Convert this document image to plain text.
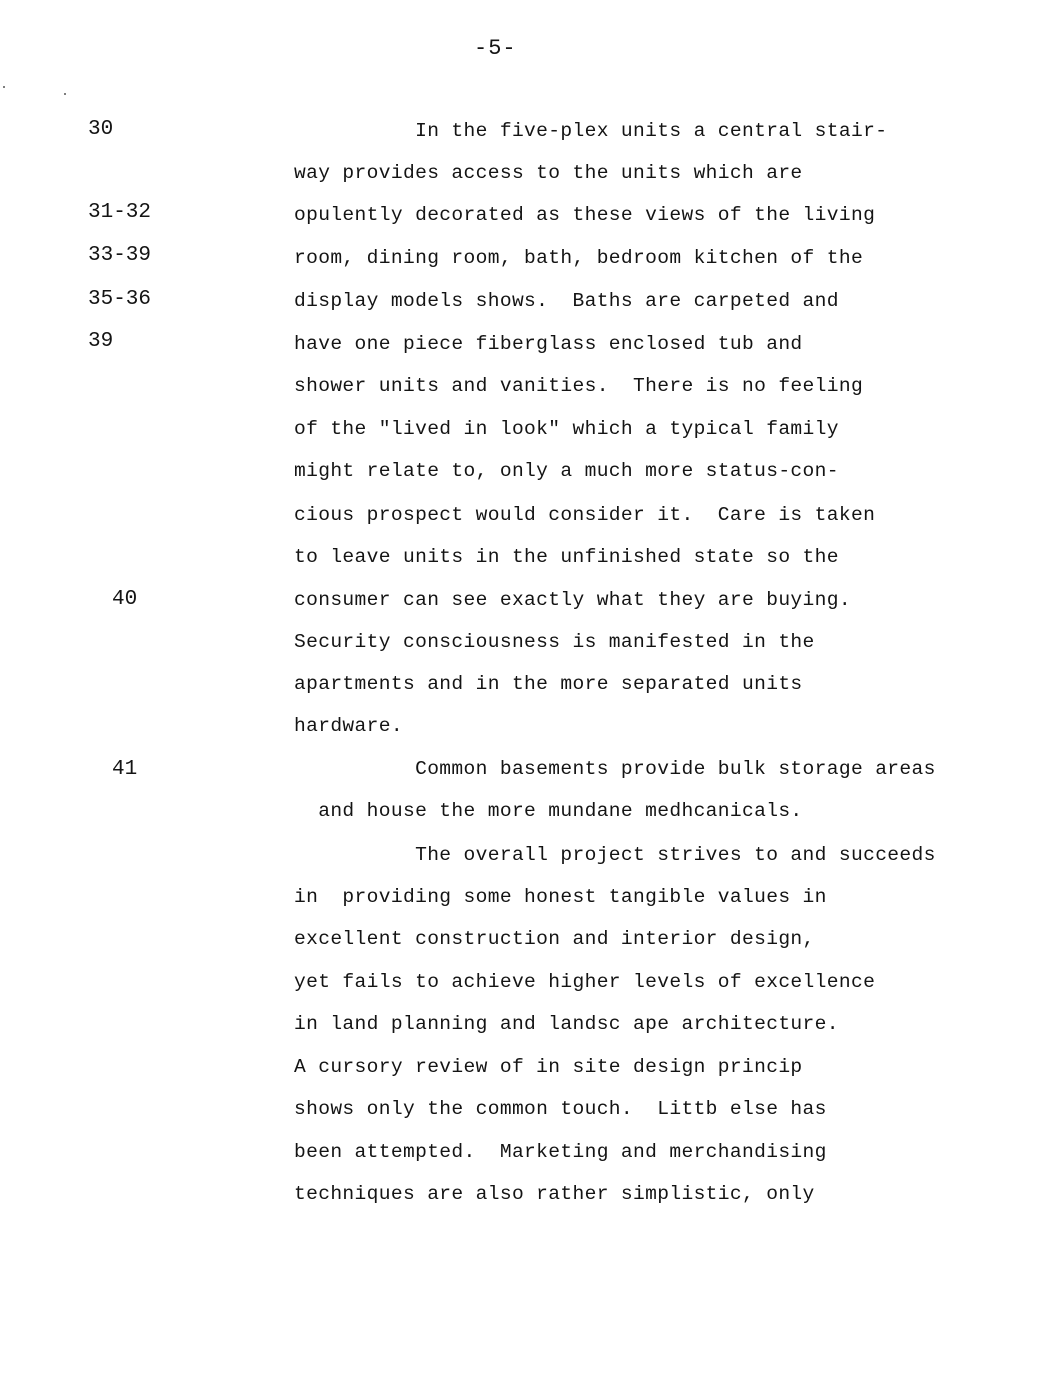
-5-
30
31-32
33-39
35-36
39
40
41
In the five-plex units a central stair-
way provides access to the units which are
opulently decorated as these views of the living
room, dining room, bath, bedroom kitchen of the
display models shows.  Baths are carpeted and
have one piece fiberglass enclosed tub and
shower units and vanities.  There is no feeling
of the "lived in look" which a typical family
might relate to, only a much more status-con-
cious prospect would consider it.  Care is taken
to leave units in the unfinished state so the
consumer can see exactly what they are buying.
Security consciousness is manifested in the
apartments and in the more separated units
hardware.
Common basements provide bulk storage areas
and house the more mundane medhcanicals.
The overall project strives to and succeeds
in  providing some honest tangible values in
excellent construction and interior design,
yet fails to achieve higher levels of excellence
in land planning and landsc ape architecture.
A cursory review of in site design princip
shows only the common touch.  Littb else has
been attempted.  Marketing and merchandising
techniques are also rather simplistic, only
